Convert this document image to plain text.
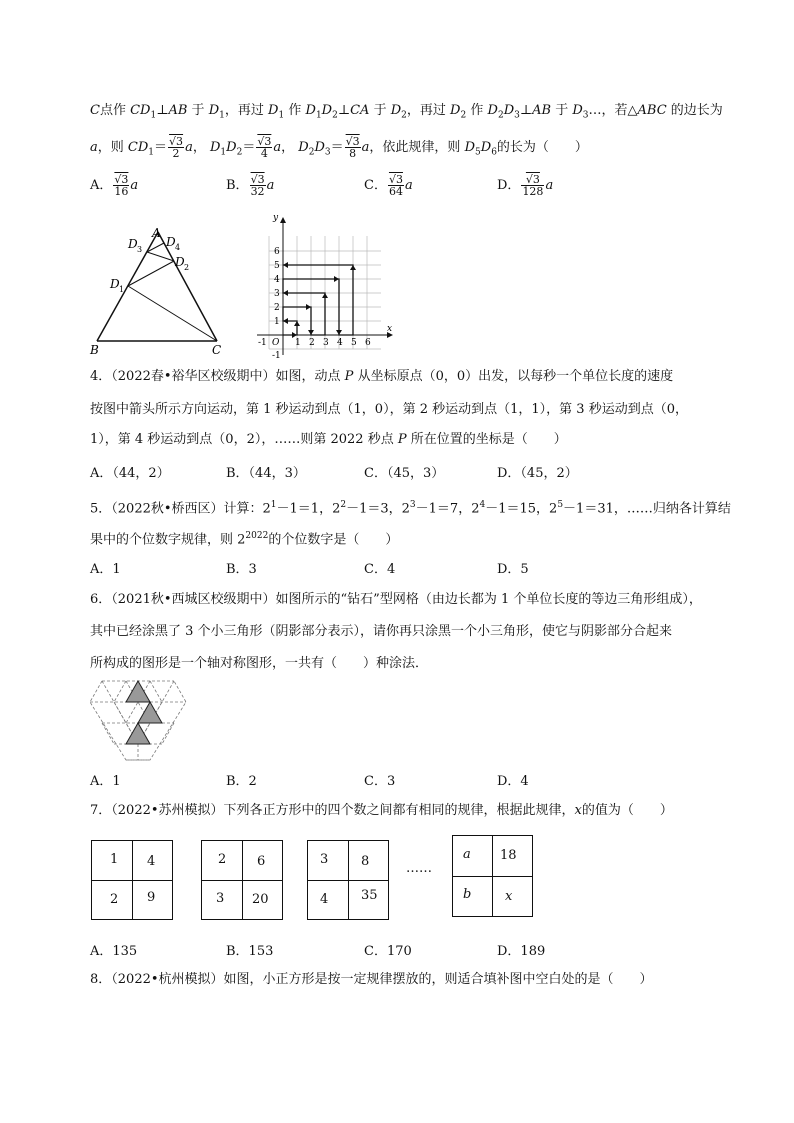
C点作 $CD_1\perp AB$ 于 $D_1$，再过 $D_1$ 作 $D_1D_2\perp CA$ 于 $D_2$，再过 $D_2$ 作 $D_2D_3\perp AB$ 于 $D_3\dots$，若△ABC 的边长为
a，则 $CD_1= \frac{√3}{2}$ a， $D_1D_2= \frac{√3}{4}$ a， $D_2D_3= \frac{√3}{8}$ a，依此规律，则 $D_5D_6$的长为（　　）
A． $\frac{√3}{16}$ a	B． $\frac{√3}{32}$ a	C． $\frac{√3}{64}$ a	D． $\frac{√3}{128}$ a
A
B	C
D 1
D 2
D 3
D 4
y
x
O
-1	1 2 3 4 5 6
1
2
3
4
5
6
-1
4．（2022春•裕华区校级期中）如图，动点 P 从坐标原点（0，0）出发，以每秒一个单位长度的速度
按图中箭头所示方向运动，第 1 秒运动到点（1，0），第 2 秒运动到点（1，1），第 3 秒运动到点（0，
1），第 4 秒运动到点（0，2），……则第 2022 秒点 P 所在位置的坐标是（　　）
A．（44，2）	B．（44，3）	C．（45，3）	D．（45，2）
5．（2022秋•桥西区）计算：$2^1-1=1$，$2^2-1=3$，$2^3-1=7$，$2^4-1=15$，$2^5-1=31$，……归纳各计算结
果中的个位数字规律，则 $2^{2022}$的个位数字是（　　）
A．1	B．3	C．4	D．5
6．（2021秋•西城区校级期中）如图所示的“钻石”型网格（由边长都为 1 个单位长度的等边三角形组成），
其中已经涂黑了 3 个小三角形（阴影部分表示），请你再只涂黑一个小三角形，使它与阴影部分合起来
所构成的图形是一个轴对称图形，一共有（　　）种涂法．
A．1	B．2	C．3	D．4
7．（2022•苏州模拟）下列各正方形中的四个数之间都有相同的规律，根据此规律，x的值为（　　）
1 4
2 9
2 6
3 20
3	8
4	35
……
a 18
b	x
A．135	B．153	C．170	D．189
8．（2022•杭州模拟）如图，小正方形是按一定规律摆放的，则适合填补图中空白处的是（　　）
